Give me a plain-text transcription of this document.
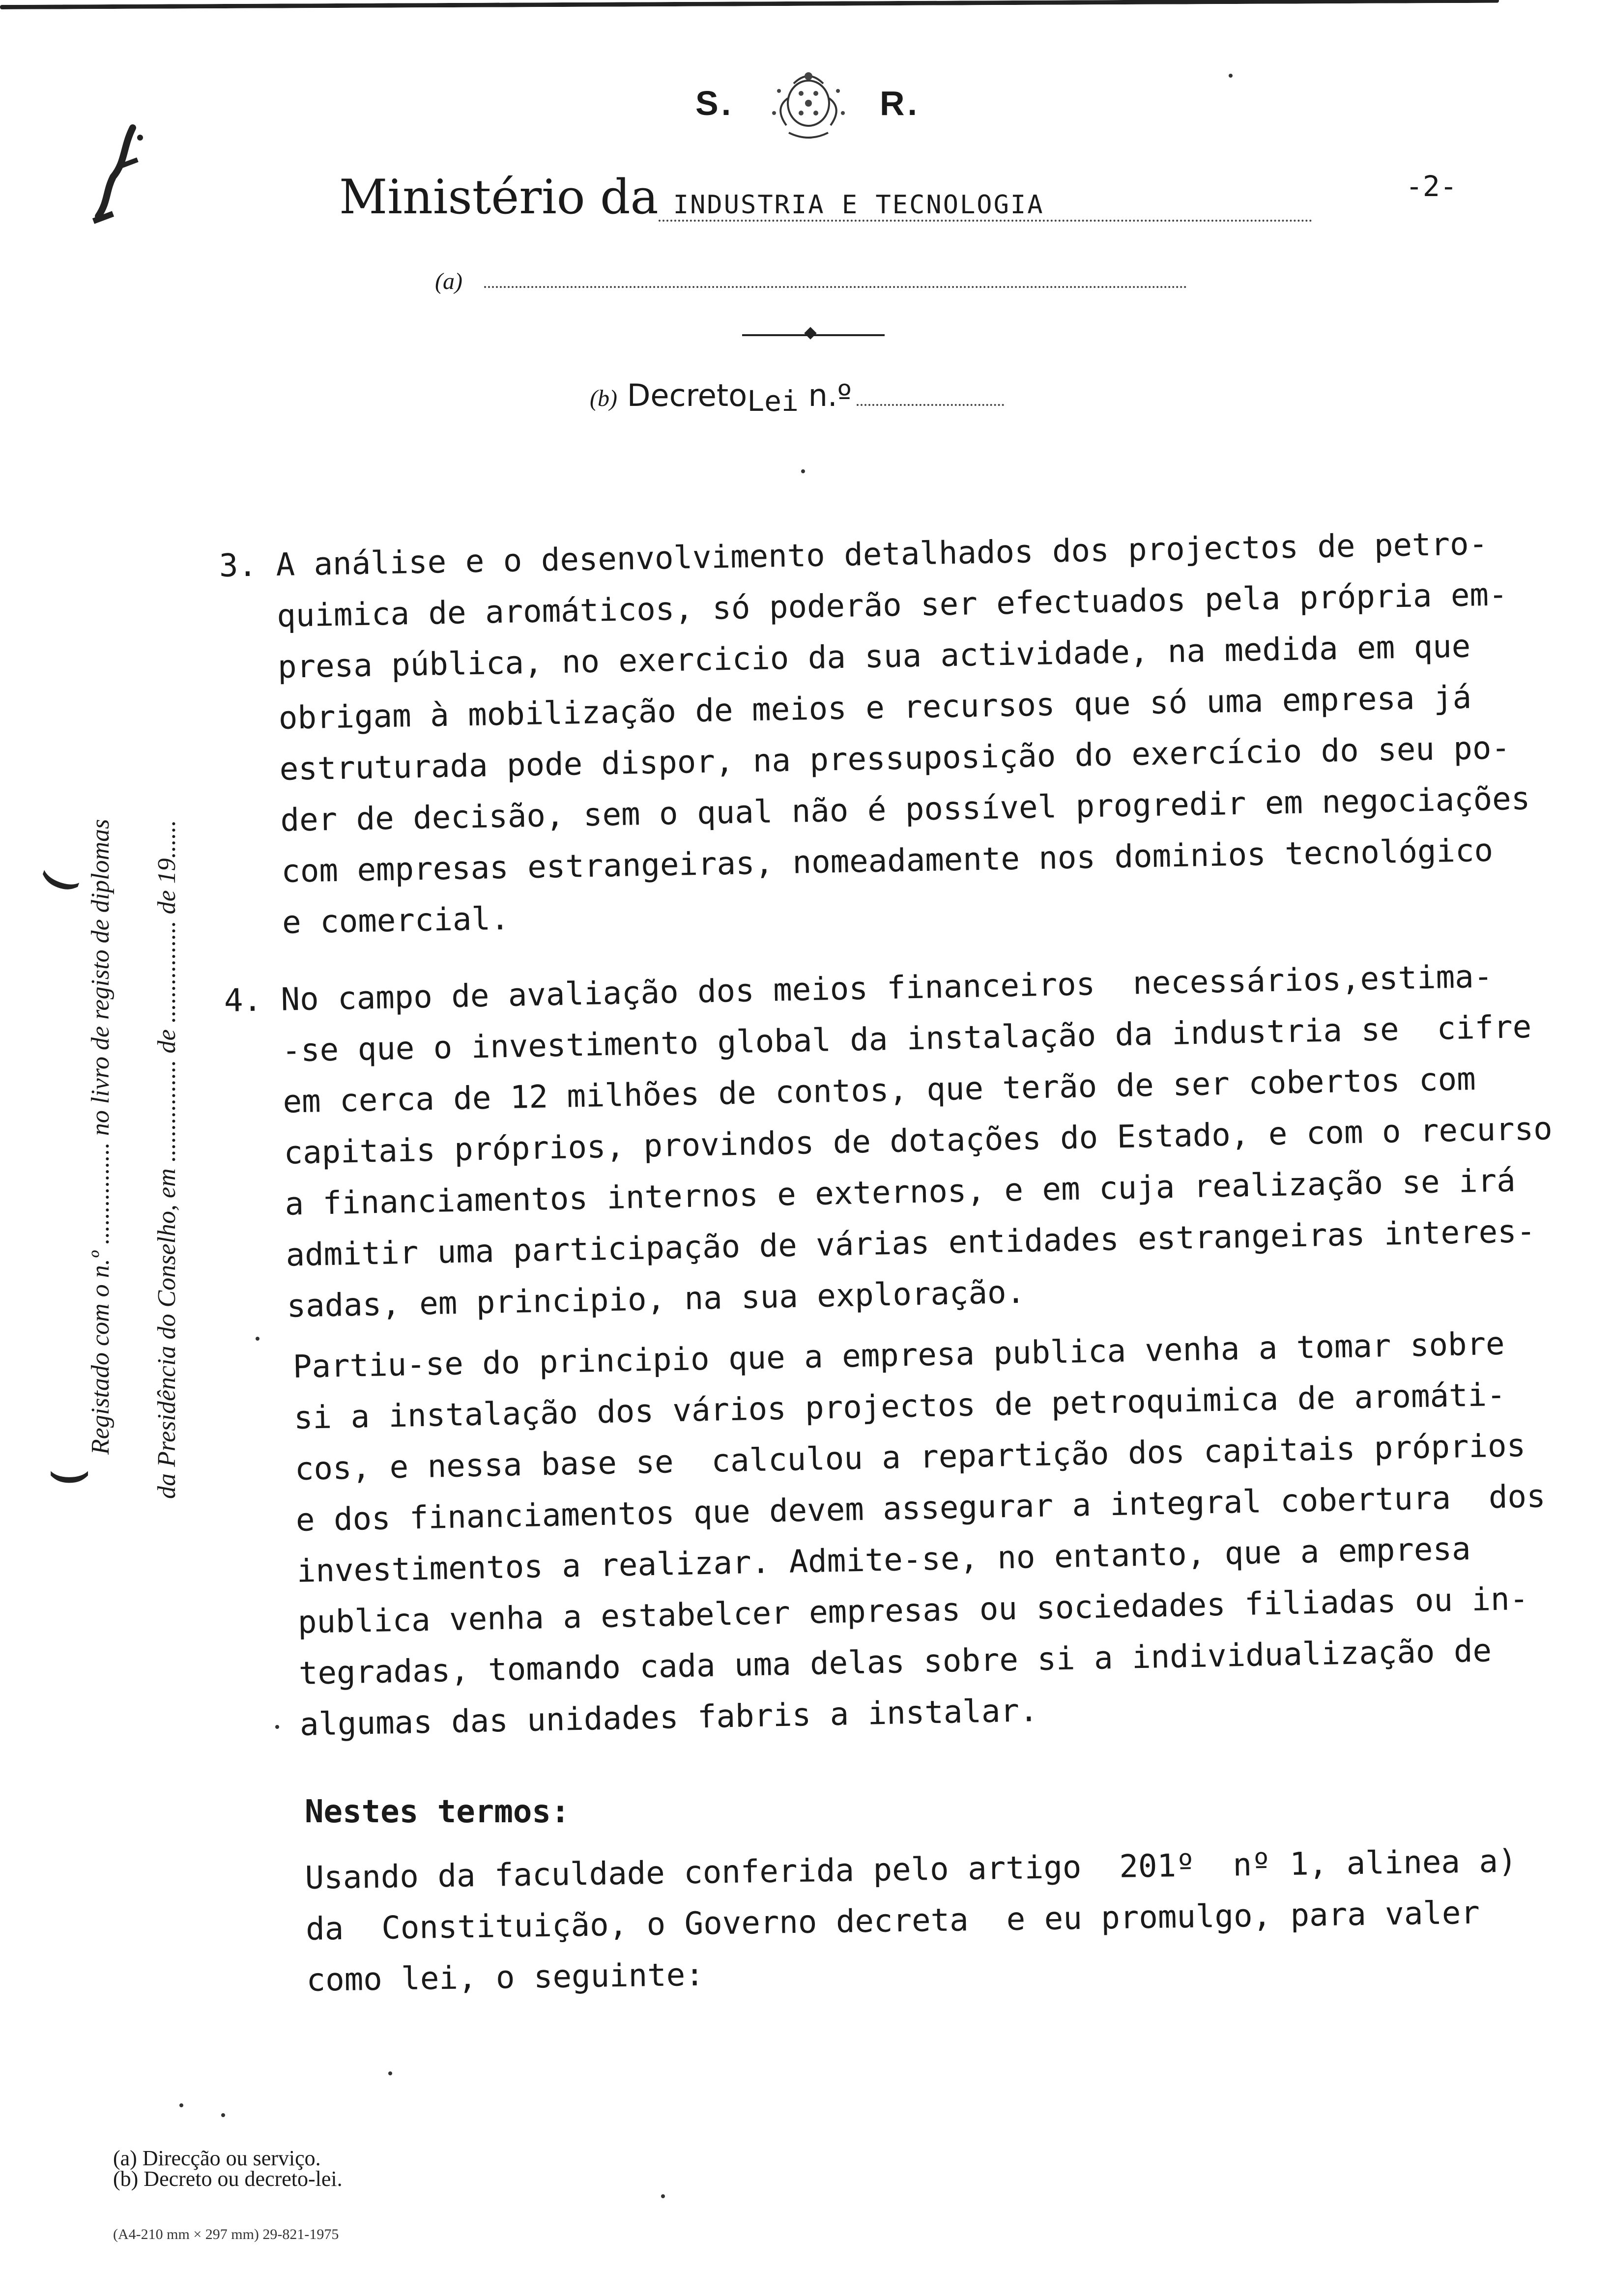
S.	R.
Ministério da INDUSTRIA E TECNOLOGIA
-2-
(a)
(b) DecretoLei n.º
Registado com o n.º ................ no livro de registo de diplomas da Presidência do Conselho, em ................ de ................ de 19......
⌣
⌣
3. A análise e o desenvolvimento detalhados dos projectos de petro-
quimica de aromáticos, só poderão ser efectuados pela própria em-
presa pública, no exercicio da sua actividade, na medida em que
obrigam à mobilização de meios e recursos que só uma empresa já
estruturada pode dispor, na pressuposição do exercício do seu po-
der de decisão, sem o qual não é possível progredir em negociações
com empresas estrangeiras, nomeadamente nos dominios tecnológico
e comercial.
4. No campo de avaliação dos meios financeiros  necessários,estima-
-se que o investimento global da instalação da industria se  cifre
em cerca de 12 milhões de contos, que terão de ser cobertos com
capitais próprios, provindos de dotações do Estado, e com o recurso
a financiamentos internos e externos, e em cuja realização se irá
admitir uma participação de várias entidades estrangeiras interes-
sadas, em principio, na sua exploração.
Partiu-se do principio que a empresa publica venha a tomar sobre
si a instalação dos vários projectos de petroquimica de aromáti-
cos, e nessa base se  calculou a repartição dos capitais próprios
e dos financiamentos que devem assegurar a integral cobertura  dos
investimentos a realizar. Admite-se, no entanto, que a empresa
publica venha a estabelcer empresas ou sociedades filiadas ou in-
tegradas, tomando cada uma delas sobre si a individualização de
algumas das unidades fabris a instalar.
Nestes termos:
Usando da faculdade conferida pelo artigo  201º  nº 1, alinea a)
da  Constituição, o Governo decreta  e eu promulgo, para valer
como lei, o seguinte:
(a) Direcção ou serviço.
(b) Decreto ou decreto-lei.
(A4-210 mm × 297 mm) 29-821-1975
